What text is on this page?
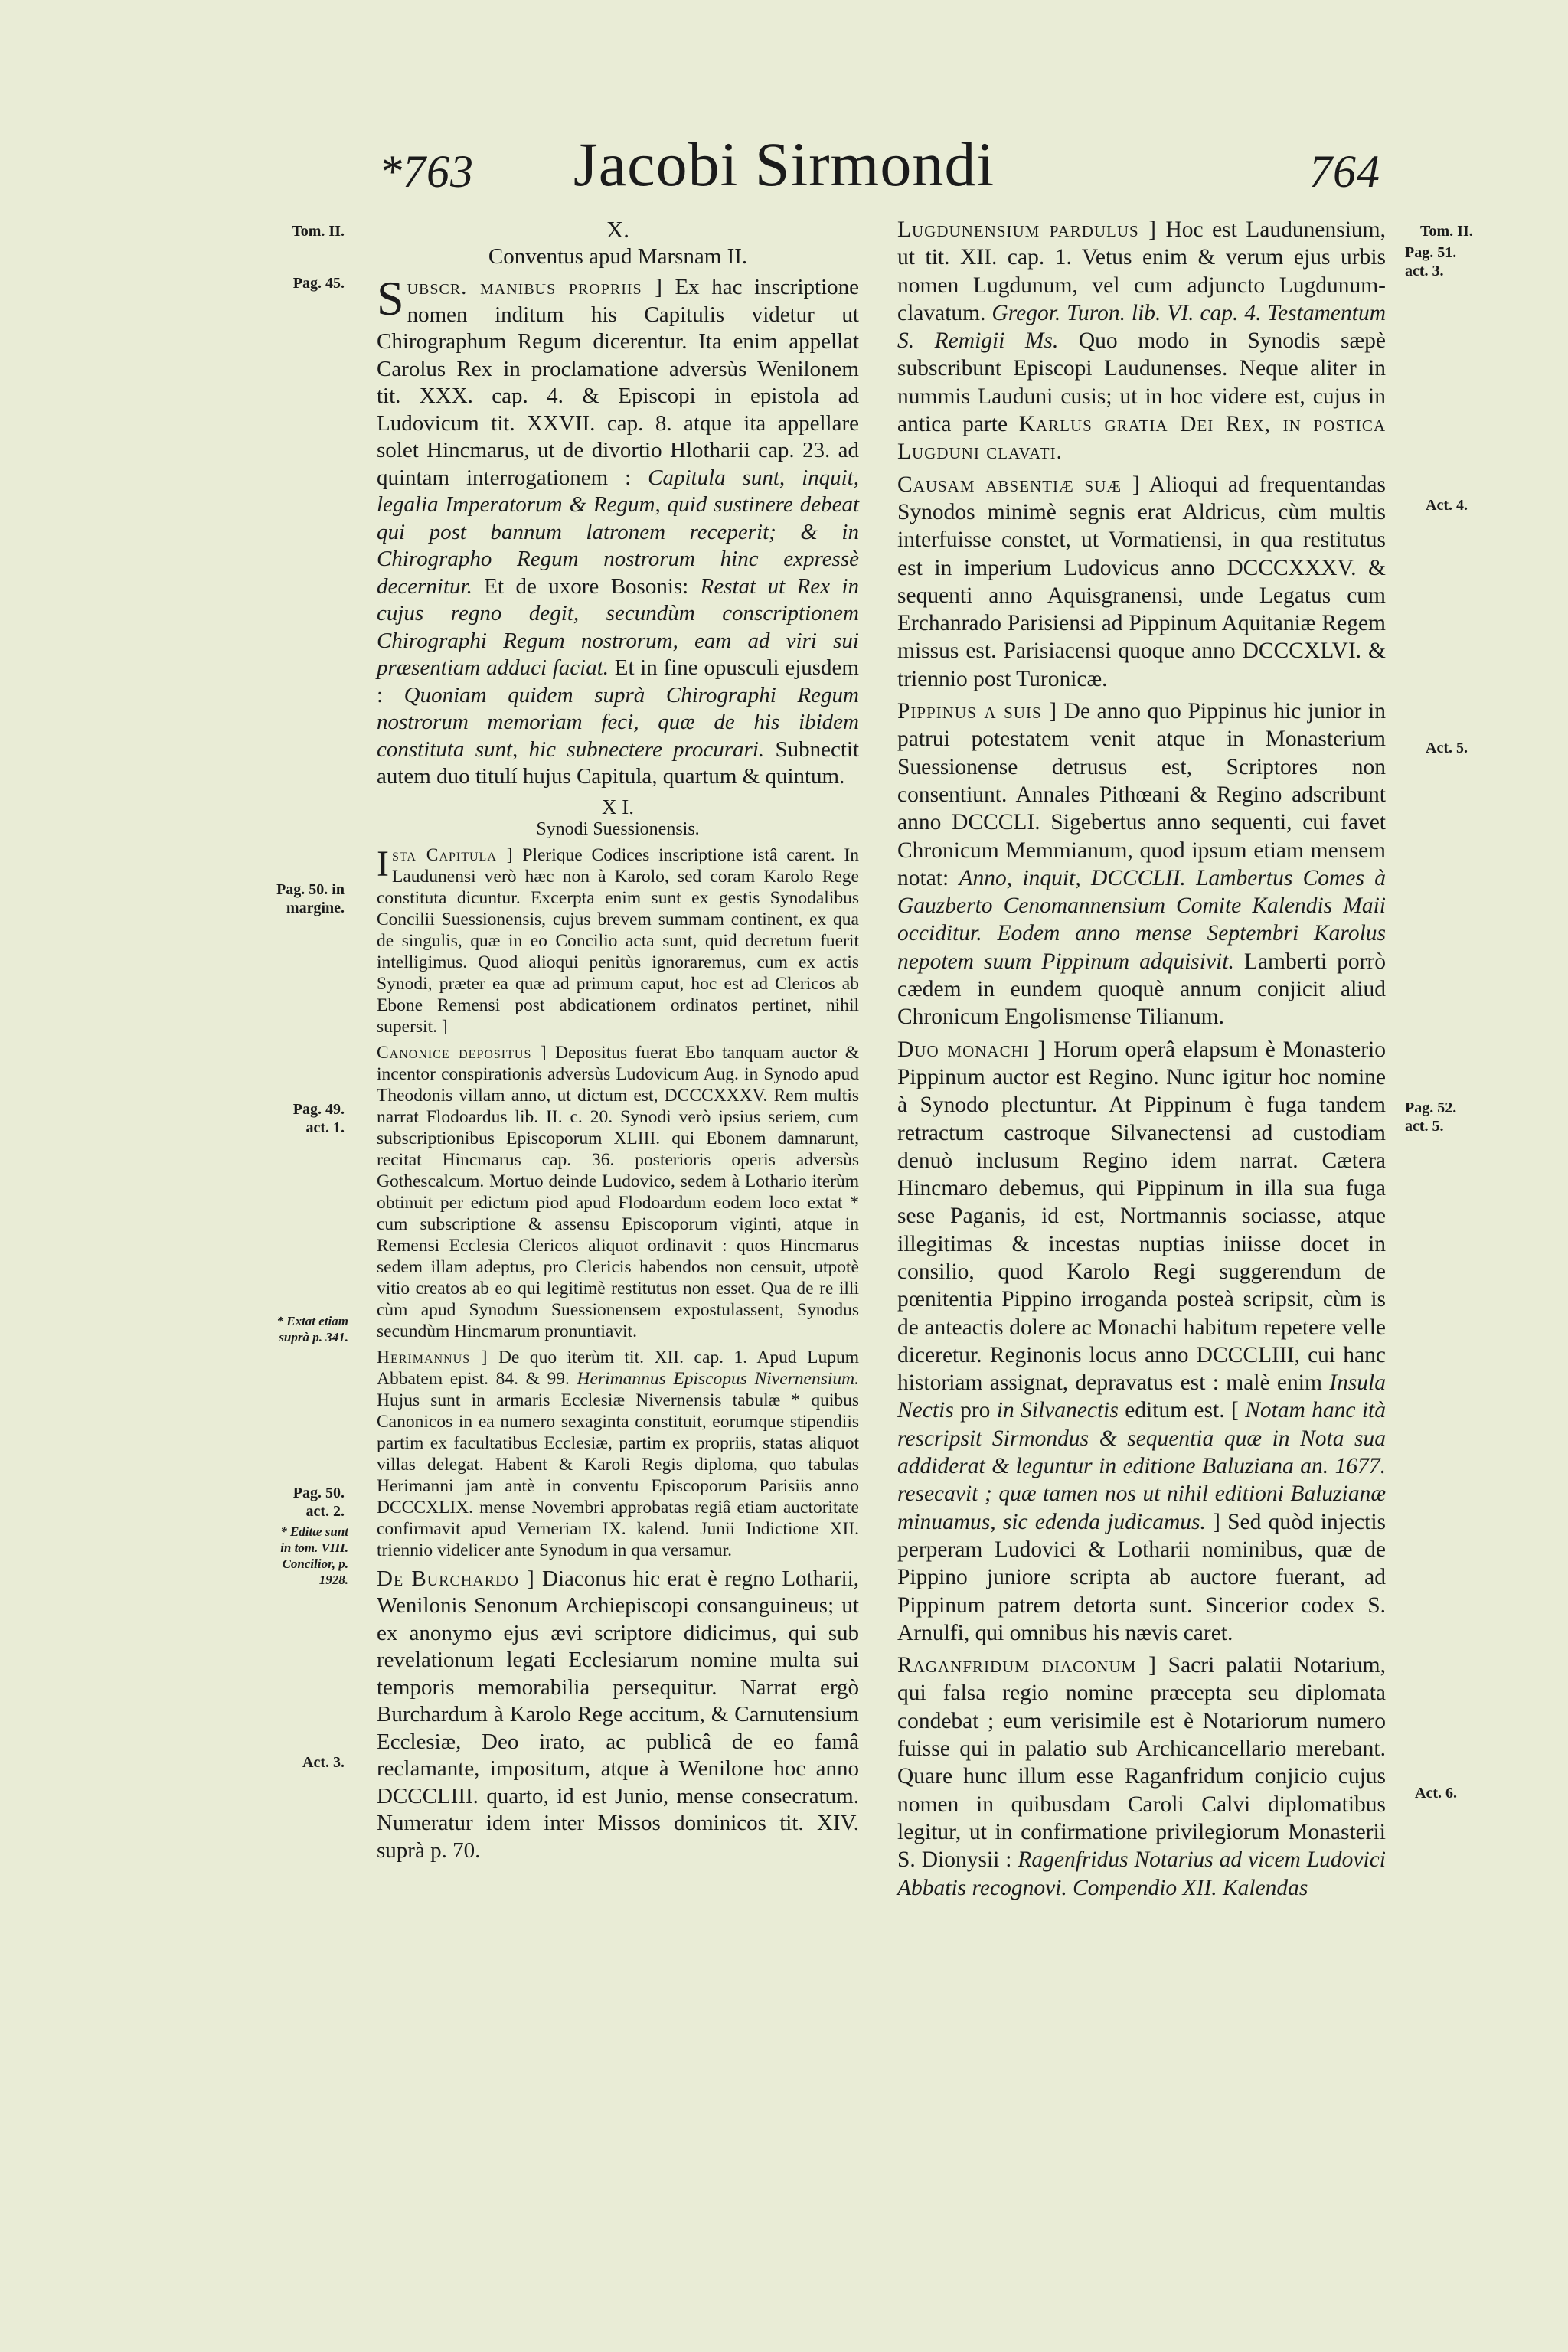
*763	Jacobi Sirmondi	764
Tom. II.
Pag. 45.
Pag. 50. in
margine.
Pag. 49.
act. 1.
* Extat etiam
suprà p. 341.
Pag. 50.
act. 2.
* Editæ sunt
in tom. VIII.
Concilior, p.
1928.
Act. 3.
Tom. II.
Pag. 51.
act. 3.
Act. 4.
Act. 5.
Pag. 52.
act. 5.
Act. 6.
X.
Conventus apud Marsnam II.

Subscr. manibus propriis ] Ex hac inscriptione nomen inditum his Capitulis videtur ut Chirographum Regum dicerentur. Ita enim appellat Carolus Rex in proclamatione adversùs Wenilonem tit. XXX. cap. 4. & Episcopi in epistola ad Ludovicum tit. XXVII. cap. 8. atque ita appellare solet Hincmarus, ut de divortio Hlotharii cap. 23. ad quintam interrogationem : Capitula sunt, inquit, legalia Imperatorum & Regum, quid sustinere debeat qui post bannum latronem receperit; & in Chirographo Regum nostrorum hinc expressè decernitur. Et de uxore Bosonis: Restat ut Rex in cujus regno degit, secundùm conscriptionem Chirographi Regum nostrorum, eam ad viri sui præsentiam adduci faciat. Et in fine opusculi ejusdem : Quoniam quidem suprà Chirographi Regum nostrorum memoriam feci, quæ de his ibidem constituta sunt, hic subnectere procurari. Subnectit autem duo titulí hujus Capitula, quartum & quintum.

X I.
Synodi Suessionensis.

Ista Capitula ] Plerique Codices inscriptione istâ carent. In Laudunensi verò hæc non à Karolo, sed coram Karolo Rege constituta dicuntur. Excerpta enim sunt ex gestis Synodalibus Concilii Suessionensis, cujus brevem summam continent, ex qua de singulis, quæ in eo Concilio acta sunt, quid decretum fuerit intelligimus. Quod alioqui penitùs ignoraremus, cum ex actis Synodi, præter ea quæ ad primum caput, hoc est ad Clericos ab Ebone Remensi post abdicationem ordinatos pertinet, nihil supersit. ]

Canonice depositus ] Depositus fuerat Ebo tanquam auctor & incentor conspirationis adversùs Ludovicum Aug. in Synodo apud Theodonis villam anno, ut dictum est, DCCCXXXV. Rem multis narrat Flodoardus lib. II. c. 20. Synodi verò ipsius seriem, cum subscriptionibus Episcoporum XLIII. qui Ebonem damnarunt, recitat Hincmarus cap. 36. posterioris operis adversùs Gothescalcum. Mortuo deinde Ludovico, sedem à Lothario iterùm obtinuit per edictum piod apud Flodoardum eodem loco extat * cum subscriptione & assensu Episcoporum viginti, atque in Remensi Ecclesia Clericos aliquot ordinavit : quos Hincmarus sedem illam adeptus, pro Clericis habendos non censuit, utpotè vitio creatos ab eo qui legitimè restitutus non esset. Qua de re illi cùm apud Synodum Suessionensem expostulassent, Synodus secundùm Hincmarum pronuntiavit.

Herimannus ] De quo iterùm tit. XII. cap. 1. Apud Lupum Abbatem epist. 84. & 99. Herimannus Episcopus Nivernensium. Hujus sunt in armaris Ecclesiæ Nivernensis tabulæ * quibus Canonicos in ea numero sexaginta constituit, eorumque stipendiis partim ex facultatibus Ecclesiæ, partim ex propriis, statas aliquot villas delegat. Habent & Karoli Regis diploma, quo tabulas Herimanni jam antè in conventu Episcoporum Parisiis anno DCCCXLIX. mense Novembri approbatas regiâ etiam auctoritate confirmavit apud Verneriam IX. kalend. Junii Indictione XII. triennio videlicer ante Synodum in qua versamur.

De Burchardo ] Diaconus hic erat è regno Lotharii, Wenilonis Senonum Archiepiscopi consanguineus; ut ex anonymo ejus ævi scriptore didicimus, qui sub revelationum legati Ecclesiarum nomine multa sui temporis memorabilia persequitur. Narrat ergò Burchardum à Karolo Rege accitum, & Carnutensium Ecclesiæ, Deo irato, ac publicâ de eo famâ reclamante, impositum, atque à Wenilone hoc anno DCCCLIII. quarto, id est Junio, mense consecratum. Numeratur idem inter Missos dominicos tit. XIV. suprà p. 70.

Lugdunensium pardulus ] Hoc est Laudunensium, ut tit. XII. cap. 1. Vetus enim & verum ejus urbis nomen Lugdunum, vel cum adjuncto Lugdunum-clavatum. Gregor. Turon. lib. VI. cap. 4. Testamentum S. Remigii Ms. Quo modo in Synodis sæpè subscribunt Episcopi Laudunenses. Neque aliter in nummis Lauduni cusis; ut in hoc videre est, cujus in antica parte Karlus gratia Dei Rex, in postica Lugduni clavati.

Causam absentiæ suæ ] Alioqui ad frequentandas Synodos minimè segnis erat Aldricus, cùm multis interfuisse constet, ut Vormatiensi, in qua restitutus est in imperium Ludovicus anno DCCCXXXV. & sequenti anno Aquisgranensi, unde Legatus cum Erchanrado Parisiensi ad Pippinum Aquitaniæ Regem missus est. Parisiacensi quoque anno DCCCXLVI. & triennio post Turonicæ.

Pippinus a suis ] De anno quo Pippinus hic junior in patrui potestatem venit atque in Monasterium Suessionense detrusus est, Scriptores non consentiunt. Annales Pithœani & Regino adscribunt anno DCCCLI. Sigebertus anno sequenti, cui favet Chronicum Memmianum, quod ipsum etiam mensem notat: Anno, inquit, DCCCLII. Lambertus Comes à Gauzberto Cenomannensium Comite Kalendis Maii occiditur. Eodem anno mense Septembri Karolus nepotem suum Pippinum adquisivit. Lamberti porrò cædem in eundem quoquè annum conjicit aliud Chronicum Engolismense Tilianum.

Duo monachi ] Horum operâ elapsum è Monasterio Pippinum auctor est Regino. Nunc igitur hoc nomine à Synodo plectuntur. At Pippinum è fuga tandem retractum castroque Silvanectensi ad custodiam denuò inclusum Regino idem narrat. Cætera Hincmaro debemus, qui Pippinum in illa sua fuga sese Paganis, id est, Nortmannis sociasse, atque illegitimas & incestas nuptias iniisse docet in consilio, quod Karolo Regi suggerendum de pœnitentia Pippino irroganda posteà scripsit, cùm is de anteactis dolere ac Monachi habitum repetere velle diceretur. Reginonis locus anno DCCCLIII, cui hanc historiam assignat, depravatus est : malè enim Insula Nectis pro in Silvanectis editum est. [ Notam hanc ità rescripsit Sirmondus & sequentia quæ in Nota sua addiderat & leguntur in editione Baluziana an. 1677. resecavit ; quæ tamen nos ut nihil editioni Baluzianæ minuamus, sic edenda judicamus. ] Sed quòd injectis perperam Ludovici & Lotharii nominibus, quæ de Pippino juniore scripta ab auctore fuerant, ad Pippinum patrem detorta sunt. Sincerior codex S. Arnulfi, qui omnibus his nævis caret.

Raganfridum diaconum ] Sacri palatii Notarium, qui falsa regio nomine præcepta seu diplomata condebat ; eum verisimile est è Notariorum numero fuisse qui in palatio sub Archicancellario merebant. Quare hunc illum esse Raganfridum conjicio cujus nomen in quibusdam Caroli Calvi diplomatibus legitur, ut in confirmatione privilegiorum Monasterii S. Dionysii : Ragenfridus Notarius ad vicem Ludovici Abbatis recognovi. Compendio XII. Kalendas
